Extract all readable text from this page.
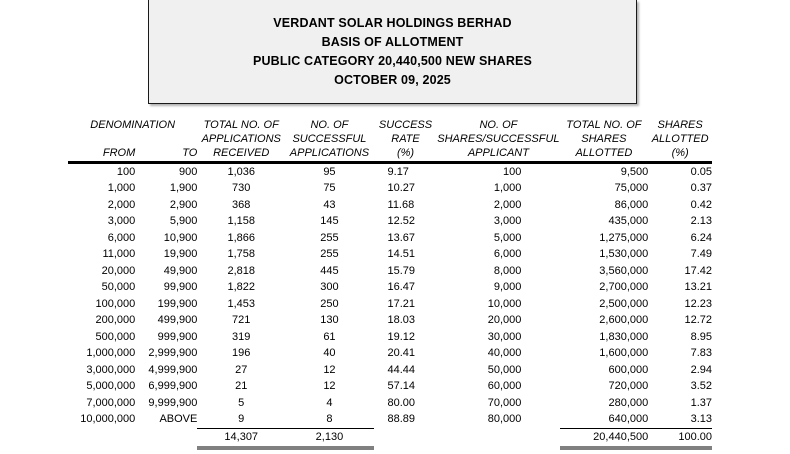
VERDANT SOLAR HOLDINGS BERHAD
BASIS OF ALLOTMENT
PUBLIC CATEGORY 20,440,500 NEW SHARES
OCTOBER 09, 2025
DENOMINATION		TOTAL NO. OF	NO. OF	SUCCESS	NO. OF	TOTAL NO. OF	SHARES
		APPLICATIONS	SUCCESSFUL	RATE	SHARES/SUCCESSFUL	SHARES	ALLOTTED
FROM	TO	RECEIVED	APPLICATIONS	(%)	APPLICANT	ALLOTTED	(%)

100	900	1,036	95	9.17	100	9,500	0.05
1,000	1,900	730	75	10.27	1,000	75,000	0.37
2,000	2,900	368	43	11.68	2,000	86,000	0.42
3,000	5,900	1,158	145	12.52	3,000	435,000	2.13
6,000	10,900	1,866	255	13.67	5,000	1,275,000	6.24
11,000	19,900	1,758	255	14.51	6,000	1,530,000	7.49
20,000	49,900	2,818	445	15.79	8,000	3,560,000	17.42
50,000	99,900	1,822	300	16.47	9,000	2,700,000	13.21
100,000	199,900	1,453	250	17.21	10,000	2,500,000	12.23
200,000	499,900	721	130	18.03	20,000	2,600,000	12.72
500,000	999,900	319	61	19.12	30,000	1,830,000	8.95
1,000,000	2,999,900	196	40	20.41	40,000	1,600,000	7.83
3,000,000	4,999,900	27	12	44.44	50,000	600,000	2.94
5,000,000	6,999,900	21	12	57.14	60,000	720,000	3.52
7,000,000	9,999,900	5	4	80.00	70,000	280,000	1.37
10,000,000	ABOVE	9	8	88.89	80,000	640,000	3.13

		14,307	2,130			20,440,500	100.00
